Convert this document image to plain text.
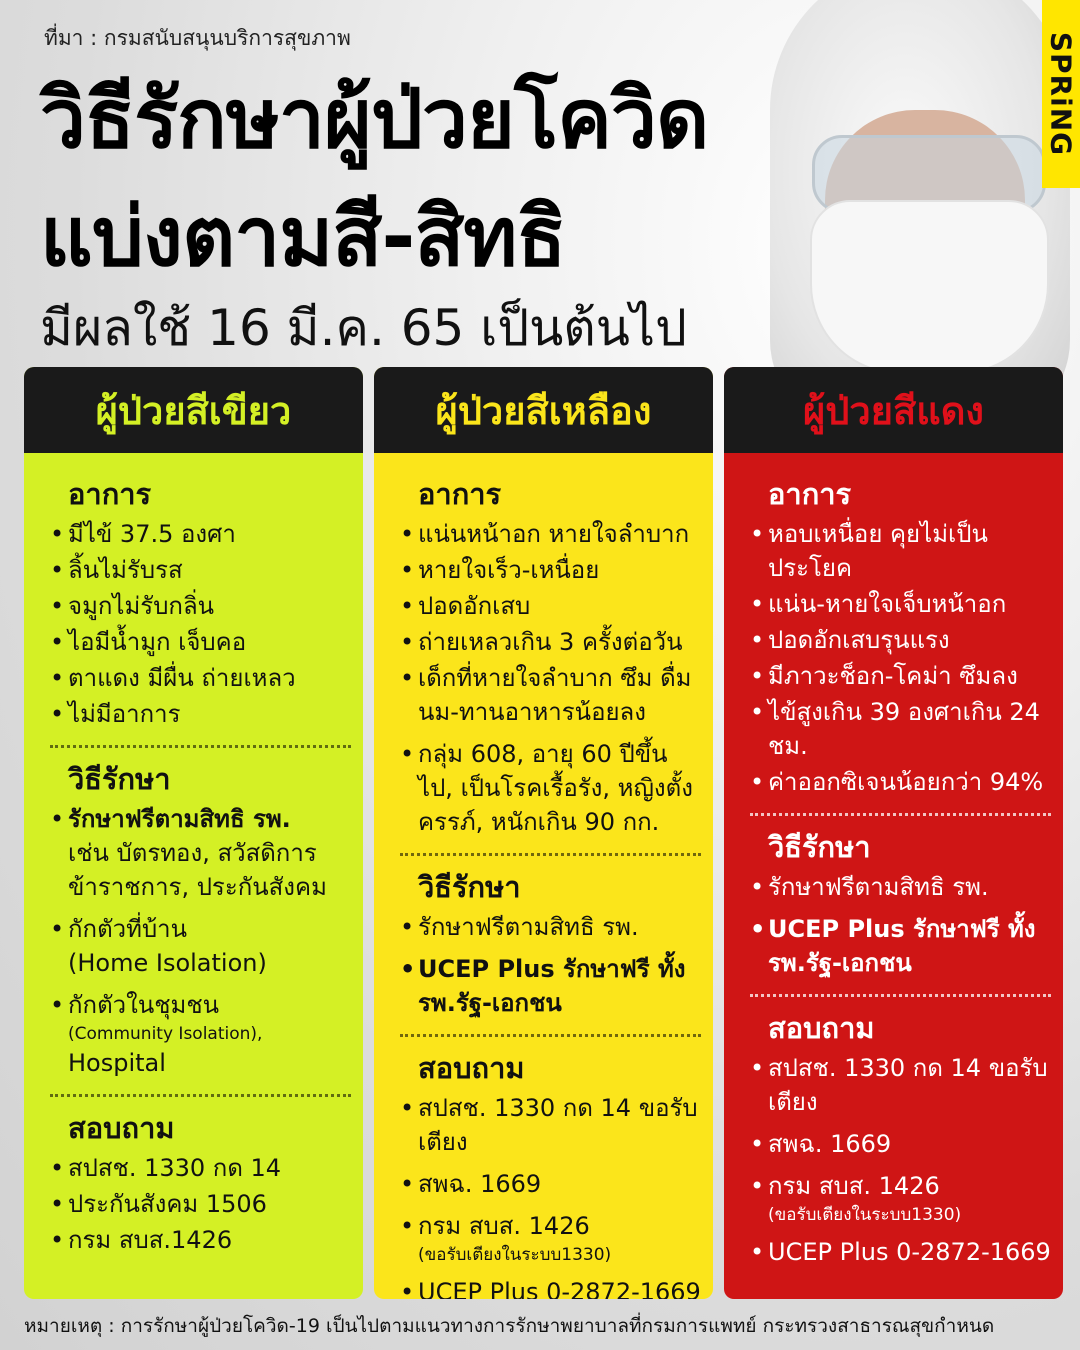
ที่มา : กรมสนับสนุนบริการสุขภาพ	SPRiNG
วิธีรักษาผู้ป่วยโควิด
แบ่งตามสี-สิทธิ
มีผลใช้ 16 มี.ค. 65 เป็นต้นไป
ผู้ป่วยสีเขียว
อาการ
• มีไข้ 37.5 องศา
• ลิ้นไม่รับรส
• จมูกไม่รับกลิ่น
• ไอมีน้ำมูก เจ็บคอ
• ตาแดง มีผื่น ถ่ายเหลว
• ไม่มีอาการ
วิธีรักษา
• รักษาฟรีตามสิทธิ รพ.
เช่น บัตรทอง, สวัสดิการข้าราชการ, ประกันสังคม
• กักตัวที่บ้าน
(Home Isolation)
• กักตัวในชุมชน
(Community Isolation),
Hospital
สอบถาม
• สปสช. 1330 กด 14
• ประกันสังคม 1506
• กรม สบส.1426
ผู้ป่วยสีเหลือง
อาการ
• แน่นหน้าอก หายใจลำบาก
• หายใจเร็ว-เหนื่อย
• ปอดอักเสบ
• ถ่ายเหลวเกิน 3 ครั้งต่อวัน
• เด็กที่หายใจลำบาก ซึม ดื่มนม-ทานอาหารน้อยลง
• กลุ่ม 608, อายุ 60 ปีขึ้นไป, เป็นโรคเรื้อรัง, หญิงตั้งครรภ์, หนักเกิน 90 กก.
วิธีรักษา
• รักษาฟรีตามสิทธิ รพ.
• UCEP Plus รักษาฟรี ทั้ง รพ.รัฐ-เอกชน
สอบถาม
• สปสช. 1330 กด 14 ขอรับเตียง
• สพฉ. 1669
• กรม สบส. 1426
(ขอรับเตียงในระบบ1330)
• UCEP Plus 0-2872-1669
ผู้ป่วยสีแดง
อาการ
• หอบเหนื่อย คุยไม่เป็นประโยค
• แน่น-หายใจเจ็บหน้าอก
• ปอดอักเสบรุนแรง
• มีภาวะช็อก-โคม่า ซึมลง
• ไข้สูงเกิน 39 องศาเกิน 24 ชม.
• ค่าออกซิเจนน้อยกว่า 94%
วิธีรักษา
• รักษาฟรีตามสิทธิ รพ.
• UCEP Plus รักษาฟรี ทั้ง รพ.รัฐ-เอกชน
สอบถาม
• สปสช. 1330 กด 14 ขอรับเตียง
• สพฉ. 1669
• กรม สบส. 1426
(ขอรับเตียงในระบบ1330)
• UCEP Plus 0-2872-1669
หมายเหตุ : การรักษาผู้ป่วยโควิด-19 เป็นไปตามแนวทางการรักษาพยาบาลที่กรมการแพทย์ กระทรวงสาธารณสุขกำหนด
